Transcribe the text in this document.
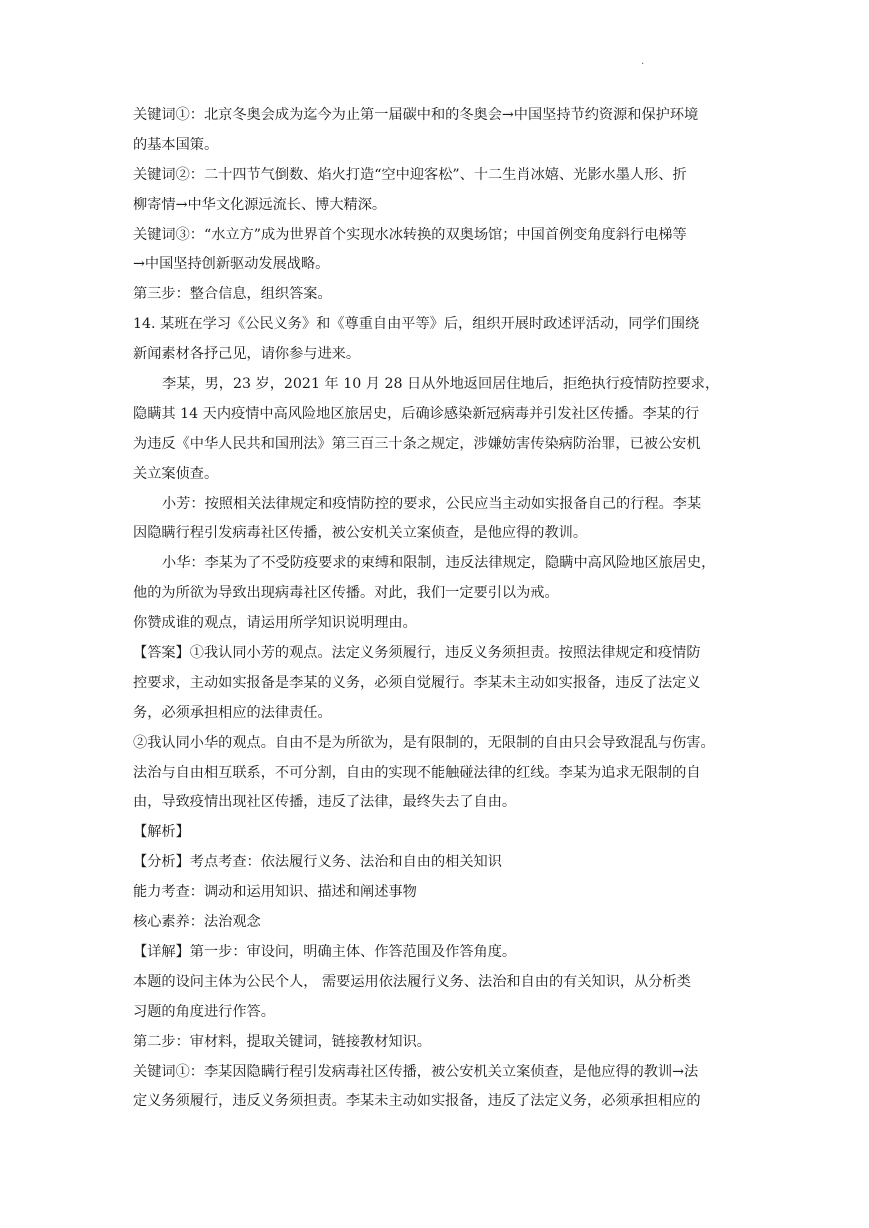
.
关键词①：北京冬奥会成为迄今为止第一届碳中和的冬奥会→中国坚持节约资源和保护环境
的基本国策。
关键词②：二十四节气倒数、焰火打造“空中迎客松”、十二生肖冰嬉、光影水墨人形、折
柳寄情→中华文化源远流长、博大精深。
关键词③：“水立方”成为世界首个实现水冰转换的双奥场馆；中国首例变角度斜行电梯等
→中国坚持创新驱动发展战略。
第三步：整合信息，组织答案。
14. 某班在学习《公民义务》和《尊重自由平等》后，组织开展时政述评活动，同学们围绕
新闻素材各抒己见，请你参与进来。
李某，男，23 岁，2021 年 10 月 28 日从外地返回居住地后，拒绝执行疫情防控要求，
隐瞒其 14 天内疫情中高风险地区旅居史，后确诊感染新冠病毒并引发社区传播。李某的行
为违反《中华人民共和国刑法》第三百三十条之规定，涉嫌妨害传染病防治罪，已被公安机
关立案侦查。
小芳：按照相关法律规定和疫情防控的要求，公民应当主动如实报备自己的行程。李某
因隐瞒行程引发病毒社区传播，被公安机关立案侦查，是他应得的教训。
小华：李某为了不受防疫要求的束缚和限制，违反法律规定，隐瞒中高风险地区旅居史，
他的为所欲为导致出现病毒社区传播。对此，我们一定要引以为戒。
你赞成谁的观点，请运用所学知识说明理由。
【答案】①我认同小芳的观点。法定义务须履行，违反义务须担责。按照法律规定和疫情防
控要求，主动如实报备是李某的义务，必须自觉履行。李某未主动如实报备，违反了法定义
务，必须承担相应的法律责任。
②我认同小华的观点。自由不是为所欲为，是有限制的，无限制的自由只会导致混乱与伤害。
法治与自由相互联系，不可分割，自由的实现不能触碰法律的红线。李某为追求无限制的自
由，导致疫情出现社区传播，违反了法律，最终失去了自由。
【解析】
【分析】考点考查：依法履行义务、法治和自由的相关知识
能力考查：调动和运用知识、描述和阐述事物
核心素养：法治观念
【详解】第一步：审设问，明确主体、作答范围及作答角度。
本题的设问主体为公民个人， 需要运用依法履行义务、法治和自由的有关知识，从分析类
习题的角度进行作答。
第二步：审材料，提取关键词，链接教材知识。
关键词①：李某因隐瞒行程引发病毒社区传播，被公安机关立案侦查，是他应得的教训→法
定义务须履行，违反义务须担责。李某未主动如实报备，违反了法定义务，必须承担相应的
